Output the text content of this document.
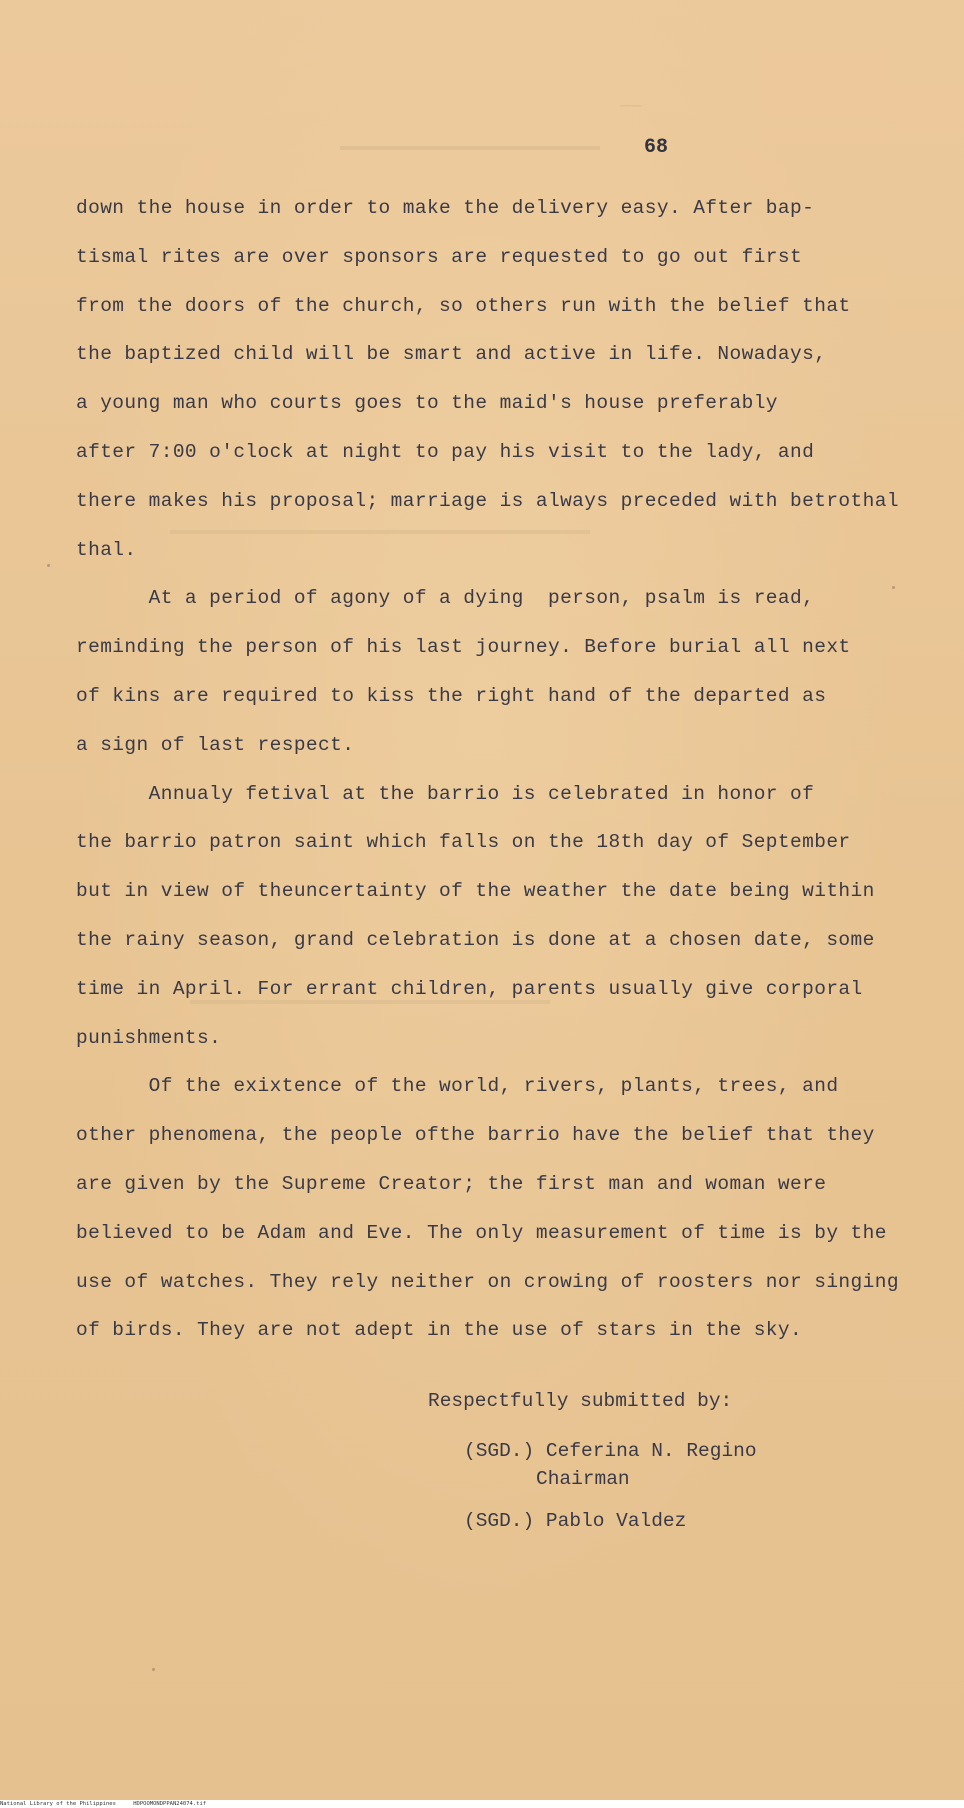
──
68
down the house in order to make the delivery easy. After bap-
tismal rites are over sponsors are requested to go out first
from the doors of the church, so others run with the belief that
the baptized child will be smart and active in life. Nowadays,
a young man who courts goes to the maid's house preferably
after 7:00 o'clock at night to pay his visit to the lady, and
there makes his proposal; marriage is always preceded with betrothal
thal.
At a period of agony of a dying  person, psalm is read,
reminding the person of his last journey. Before burial all next
of kins are required to kiss the right hand of the departed as
a sign of last respect.
Annualy fetival at the barrio is celebrated in honor of
the barrio patron saint which falls on the 18th day of September
but in view of theuncertainty of the weather the date being within
the rainy season, grand celebration is done at a chosen date, some
time in April. For errant children, parents usually give corporal
punishments.
Of the exixtence of the world, rivers, plants, trees, and
other phenomena, the people ofthe barrio have the belief that they
are given by the Supreme Creator; the first man and woman were
believed to be Adam and Eve. The only measurement of time is by the
use of watches. They rely neither on crowing of roosters nor singing
of birds. They are not adept in the use of stars in the sky.
Respectfully submitted by:
(SGD.) Ceferina N. Regino
Chairman
(SGD.) Pablo Valdez
National Library of the Philippines	HDPOOMONDPPAN24074.tif
